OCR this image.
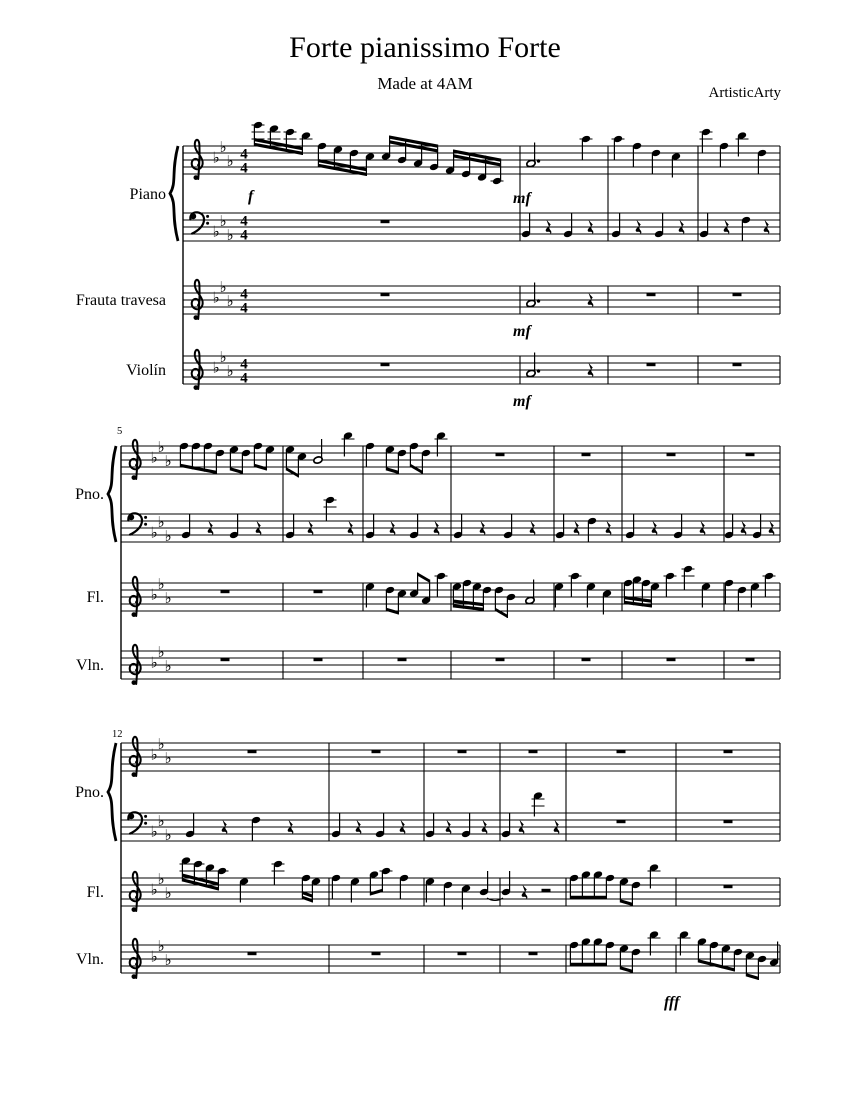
Forte pianissimo Forte
Made at 4AM	ArtisticArty
Piano
Frauta travesa
Violín
♭
♭
♭ 4
4
f	mf
♭
♭
♭
4
4
♭
♭
♭ 4
4
mf
♭
♭
♭ 4
4
mf
5
Pno.
Fl.
Vln.
♭
♭
♭
♭
♭
♭
♭
♭
♭
♭
♭
♭
12
Pno.
Fl.
Vln.
♭
♭
♭
♭
♭
♭
♭
♭
♭
♭
♭
♭
fff
